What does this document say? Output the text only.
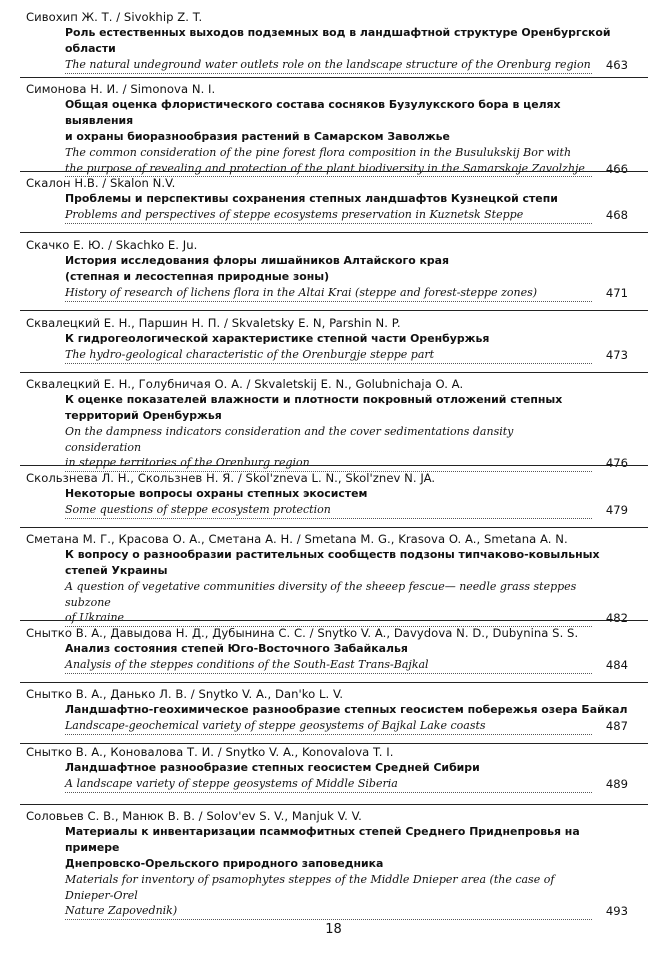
Сивохип Ж. Т. / Sivokhip Z. T.
Роль естественных выходов подземных вод в ландшафтной структуре Оренбургской области
The natural undeground water outlets role on the landscape structure of the Orenburg region	463
Симонова Н. И. / Simonova N. I.
Общая оценка флористического состава сосняков Бузулукского бора в целях выявления
и охраны биоразнообразия растений в Самарском Заволжье
The common consideration of the pine forest flora composition in the Busulukskij Bor with
the purpose of revealing and protection of the plant biodiversity in the Samarskoje Zavolzhje	466
Скалон Н.В. / Skalon N.V.
Проблемы и перспективы сохранения степных ландшафтов Кузнецкой степи
Problems and perspectives of steppe ecosystems preservation in Kuznetsk Steppe	468
Скачко Е. Ю. / Skachko E. Ju.
История исследования флоры лишайников Алтайского края
(степная и лесостепная природные зоны)
History of research of lichens flora in the Altai Krai (steppe and forest-steppe zones)	471
Сквалецкий Е. Н., Паршин Н. П. / Skvaletsky E. N, Parshin N. P.
К гидрогеологической характеристике степной части Оренбуржья
The hydro-geological characteristic of the Orenburgje steppe part	473
Сквалецкий Е. Н., Голубничая О. А. / Skvaletskij E. N., Golubnichaja O. A.
К оценке показателей влажности и плотности покровный отложений степных
территорий Оренбуржья
On the dampness indicators consideration and the cover sedimentations dansity consideration
in steppe territories of the Orenburg region	476
Скользнева Л. Н., Скользнев Н. Я. / Skol'zneva L. N., Skol'znev N. JA.
Некоторые вопросы охраны степных экосистем
Some questions of steppe ecosystem protection	479
Сметана М. Г., Красова О. А., Сметана А. Н. / Smetana M. G., Krasova O. A., Smetana A. N.
К вопросу о разнообразии растительных сообществ подзоны типчаково-ковыльных
степей Украины
A question of vegetative communities diversity of the sheeep fescue— needle grass steppes subzone
of Ukraine	482
Сныткo В. А., Давыдова Н. Д., Дубынина С. С. / Snytko V. A., Davydova N. D., Dubynina S. S.
Анализ состояния степей Юго-Восточного Забайкалья
Analysis of the steppes conditions of the South-East Trans-Bajkal	484
Сныткo В. А., Данько Л. В. / Snytko V. A., Dan'ko L. V.
Ландшафтно-геохимическое разнообразие степных геосистем побережья озера Байкал
Landscape-geochemical variety of steppe geosystems of Bajkal Lake coasts	487
Сныткo В. А., Коновалова Т. И. / Snytko V. A., Konovalova T. I.
Ландшафтное разнообразие степных геосистем Средней Сибири
A landscape variety of steppe geosystems of Middle Siberia	489
Соловьев С. В., Манюк В. В. / Solov'ev S. V., Manjuk V. V.
Материалы к инвентаризации псаммофитных степей Среднего Приднепровья на примере
Днепровско-Орельского природного заповедника
Materials for inventory of psamophytes steppes of the Middle Dnieper area (the case of Dnieper-Orel
Nature Zapovednik)	493
18
